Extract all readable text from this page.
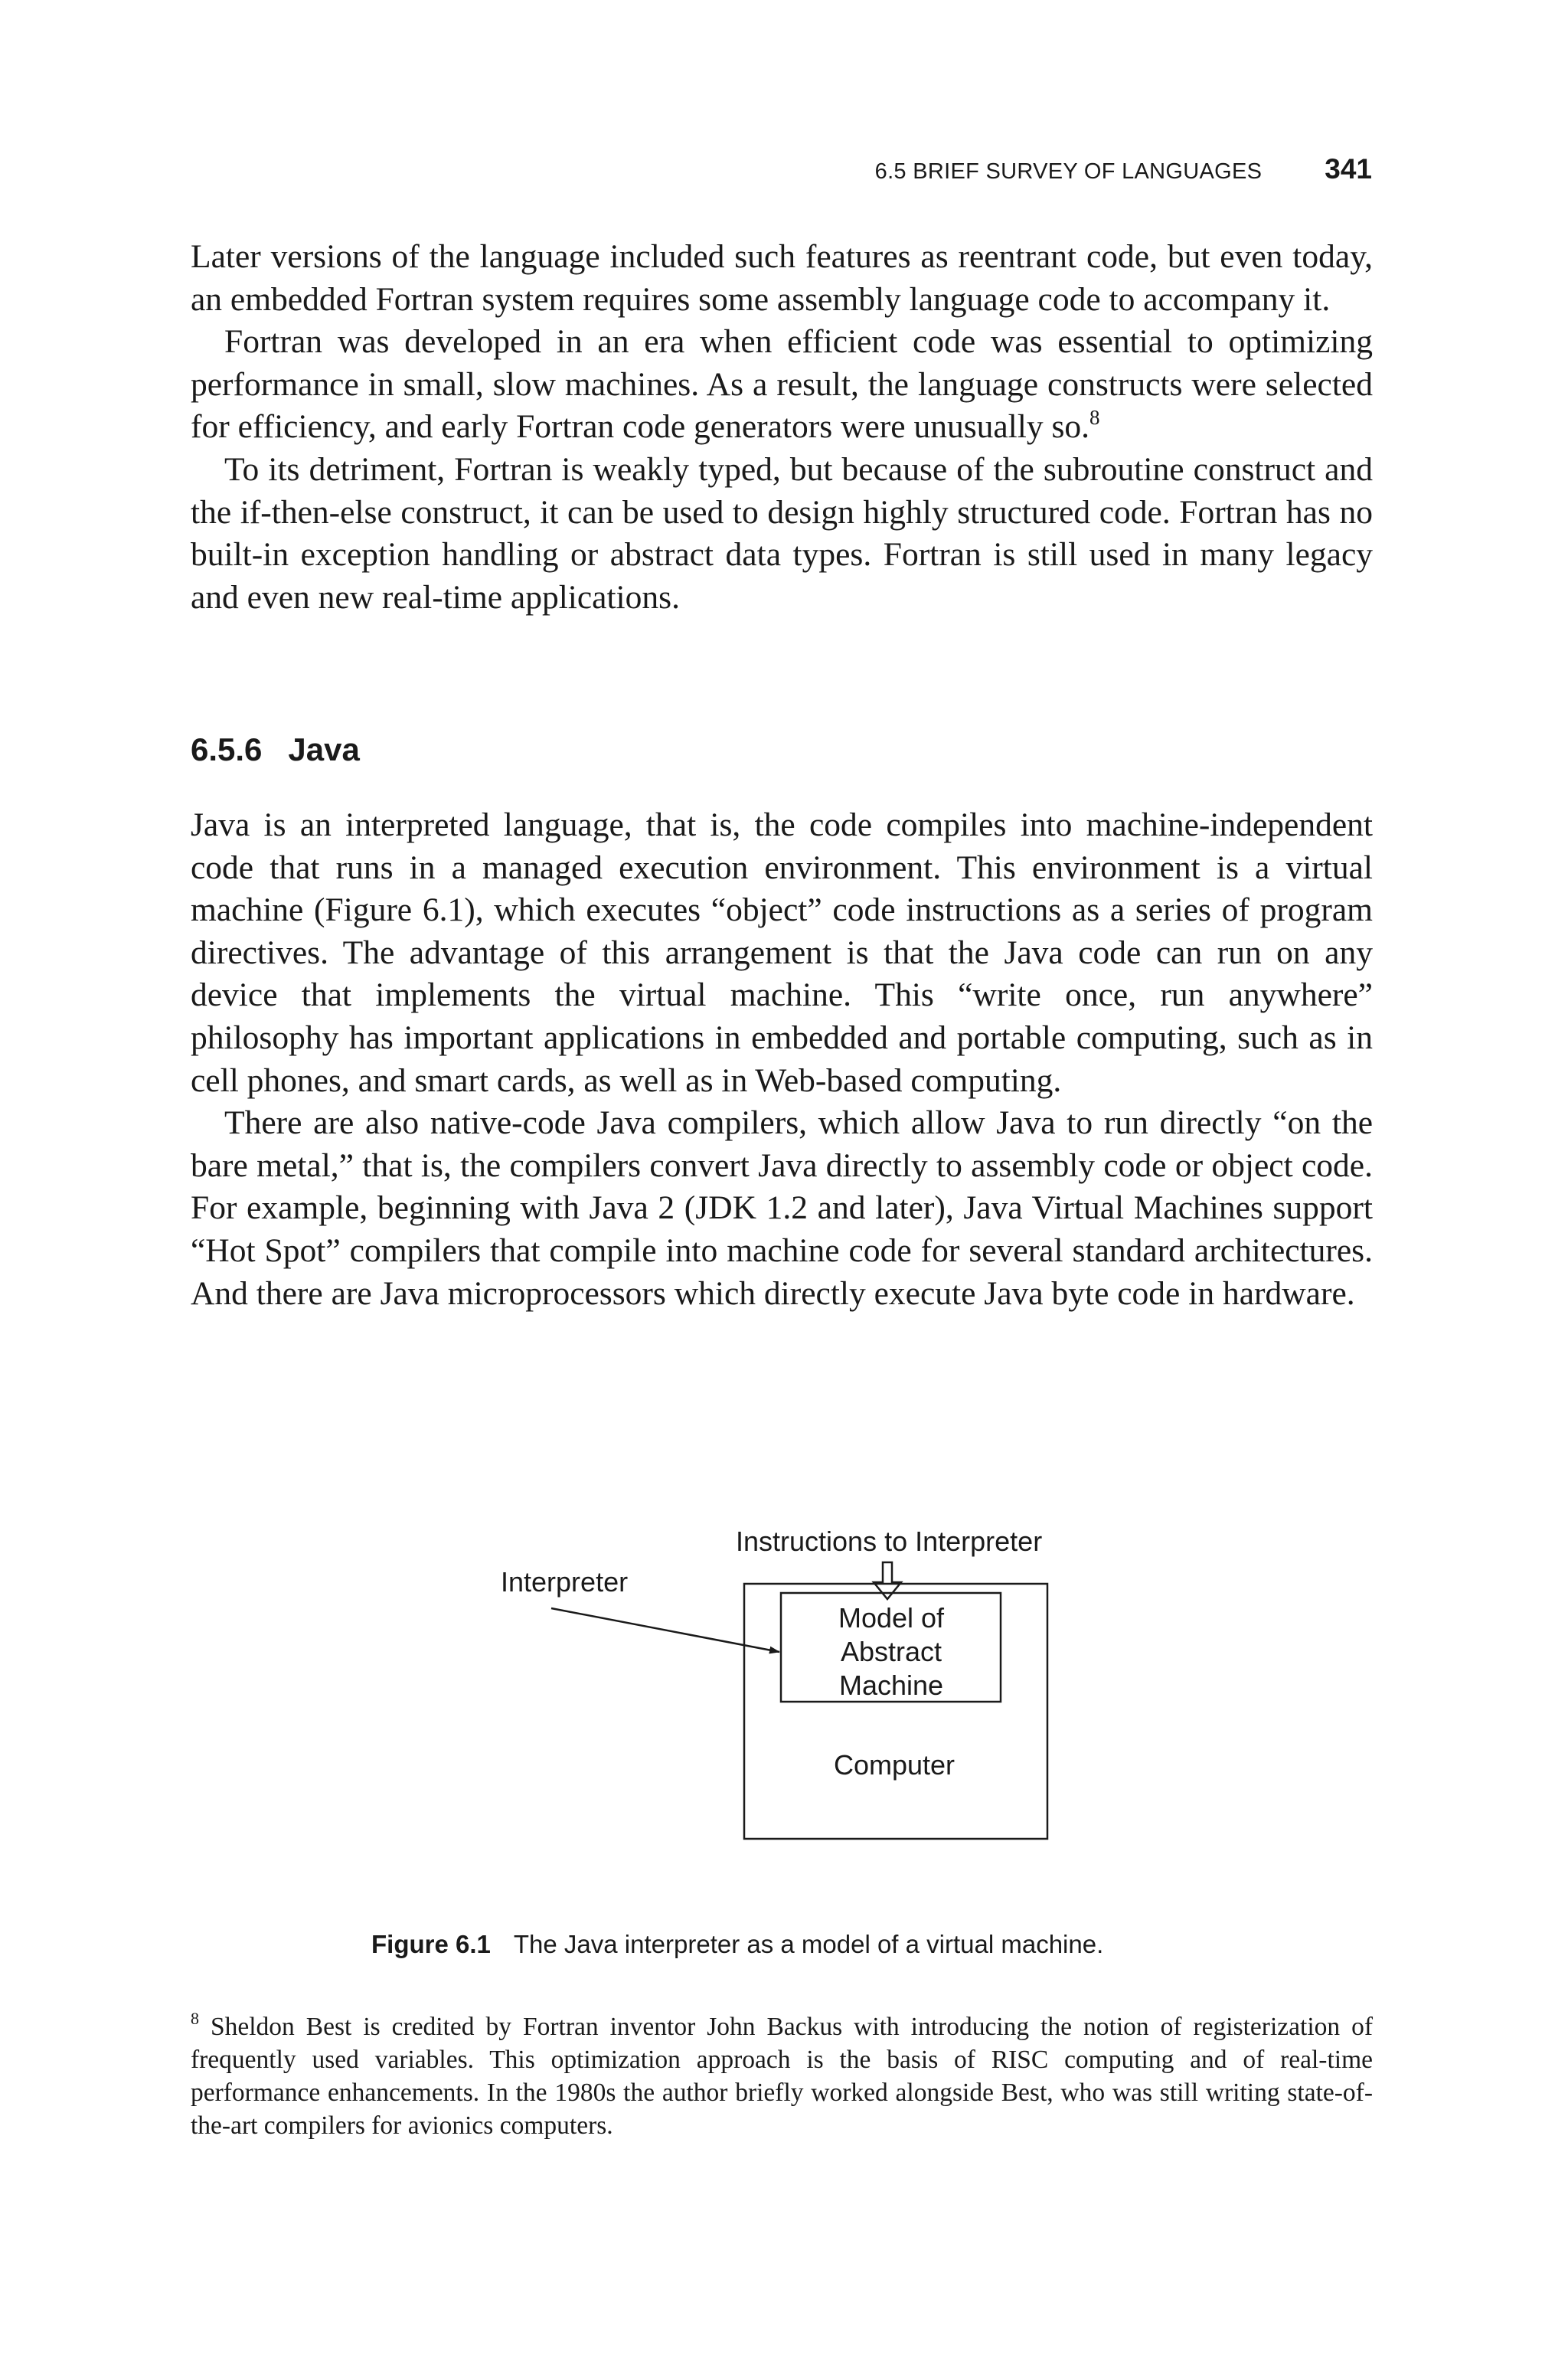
6.5 BRIEF SURVEY OF LANGUAGES 341

Later versions of the language included such features as reentrant code, but even today, an embedded Fortran system requires some assembly language code to accompany it.

Fortran was developed in an era when efficient code was essential to optimizing performance in small, slow machines. As a result, the language constructs were selected for efficiency, and early Fortran code generators were unusually so.$^8$

To its detriment, Fortran is weakly typed, but because of the subroutine construct and the if-then-else construct, it can be used to design highly structured code. Fortran has no built-in exception handling or abstract data types. Fortran is still used in many legacy and even new real-time applications.

6.5.6 Java

Java is an interpreted language, that is, the code compiles into machine-independent code that runs in a managed execution environment. This environment is a virtual machine (Figure 6.1), which executes “object” code instructions as a series of program directives. The advantage of this arrangement is that the Java code can run on any device that implements the virtual machine. This “write once, run anywhere” philosophy has important applications in embedded and portable computing, such as in cell phones, and smart cards, as well as in Web-based computing.

There are also native-code Java compilers, which allow Java to run directly “on the bare metal,” that is, the compilers convert Java directly to assembly code or object code. For example, beginning with Java 2 (JDK 1.2 and later), Java Virtual Machines support “Hot Spot” compilers that compile into machine code for several standard architectures. And there are Java microprocessors which directly execute Java byte code in hardware.

Instructions to Interpreter
Interpreter
Model of
Abstract
Machine
Computer
Figure 6.1 The Java interpreter as a model of a virtual machine.

$^8$ Sheldon Best is credited by Fortran inventor John Backus with introducing the notion of registerization of frequently used variables. This optimization approach is the basis of RISC computing and of real-time performance enhancements. In the 1980s the author briefly worked alongside Best, who was still writing state-of-the-art compilers for avionics computers.
